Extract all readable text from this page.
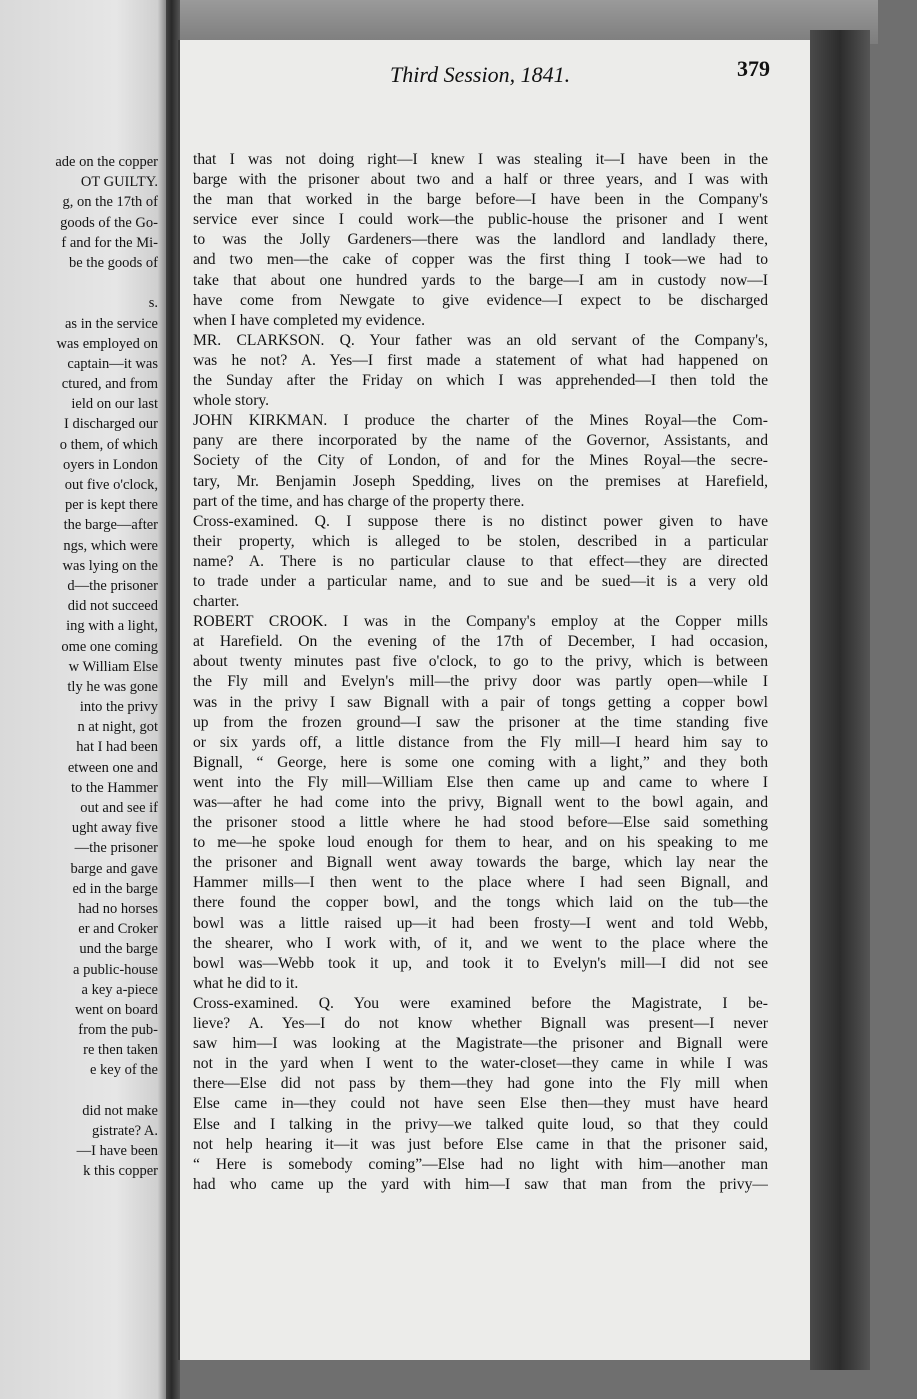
ade on the copper
OT GUILTY.
g, on the 17th of
goods of the Go-
f and for the Mi-
be the goods of
s.
as in the service
was employed on
captain—it was
ctured, and from
ield on our last
I discharged our
o them, of which
oyers in London
out five o'clock,
per is kept there
the barge—after
ngs, which were
was lying on the
d—the prisoner
did not succeed
ing with a light,
ome one coming
w William Else
tly he was gone
into the privy
n at night, got
hat I had been
etween one and
to the Hammer
out and see if
ught away five
—the prisoner
barge and gave
ed in the barge
had no horses
er and Croker
und the barge
a public-house
a key a-piece
went on board
from the pub-
re then taken
e key of the
did not make
gistrate? A.
—I have been
k this copper
Third Session, 1841.	379
that I was not doing right—I knew I was stealing it—I have been in the
barge with the prisoner about two and a half or three years, and I was with
the man that worked in the barge before—I have been in the Company's
service ever since I could work—the public-house the prisoner and I went
to was the Jolly Gardeners—there was the landlord and landlady there,
and two men—the cake of copper was the first thing I took—we had to
take that about one hundred yards to the barge—I am in custody now—I
have come from Newgate to give evidence—I expect to be discharged
when I have completed my evidence.
MR. CLARKSON. Q. Your father was an old servant of the Company's,
was he not? A. Yes—I first made a statement of what had happened on
the Sunday after the Friday on which I was apprehended—I then told the
whole story.
JOHN KIRKMAN. I produce the charter of the Mines Royal—the Com-
pany are there incorporated by the name of the Governor, Assistants, and
Society of the City of London, of and for the Mines Royal—the secre-
tary, Mr. Benjamin Joseph Spedding, lives on the premises at Harefield,
part of the time, and has charge of the property there.
Cross-examined. Q. I suppose there is no distinct power given to have
their property, which is alleged to be stolen, described in a particular
name? A. There is no particular clause to that effect—they are directed
to trade under a particular name, and to sue and be sued—it is a very old
charter.
ROBERT CROOK. I was in the Company's employ at the Copper mills
at Harefield. On the evening of the 17th of December, I had occasion,
about twenty minutes past five o'clock, to go to the privy, which is between
the Fly mill and Evelyn's mill—the privy door was partly open—while I
was in the privy I saw Bignall with a pair of tongs getting a copper bowl
up from the frozen ground—I saw the prisoner at the time standing five
or six yards off, a little distance from the Fly mill—I heard him say to
Bignall, “ George, here is some one coming with a light,” and they both
went into the Fly mill—William Else then came up and came to where I
was—after he had come into the privy, Bignall went to the bowl again, and
the prisoner stood a little where he had stood before—Else said something
to me—he spoke loud enough for them to hear, and on his speaking to me
the prisoner and Bignall went away towards the barge, which lay near the
Hammer mills—I then went to the place where I had seen Bignall, and
there found the copper bowl, and the tongs which laid on the tub—the
bowl was a little raised up—it had been frosty—I went and told Webb,
the shearer, who I work with, of it, and we went to the place where the
bowl was—Webb took it up, and took it to Evelyn's mill—I did not see
what he did to it.
Cross-examined. Q. You were examined before the Magistrate, I be-
lieve? A. Yes—I do not know whether Bignall was present—I never
saw him—I was looking at the Magistrate—the prisoner and Bignall were
not in the yard when I went to the water-closet—they came in while I was
there—Else did not pass by them—they had gone into the Fly mill when
Else came in—they could not have seen Else then—they must have heard
Else and I talking in the privy—we talked quite loud, so that they could
not help hearing it—it was just before Else came in that the prisoner said,
“ Here is somebody coming”—Else had no light with him—another man
had who came up the yard with him—I saw that man from the privy—
